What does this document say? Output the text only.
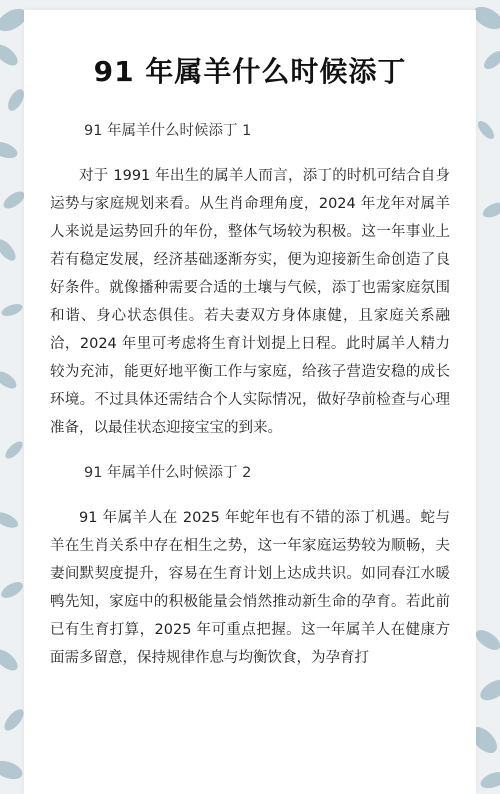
91 年属羊什么时候添丁

91 年属羊什么时候添丁 1

对于 1991 年出生的属羊人而言，添丁的时机可结合自身运势与家庭规划来看。从生肖命理角度，2024 年龙年对属羊人来说是运势回升的年份，整体气场较为积极。这一年事业上若有稳定发展，经济基础逐渐夯实，便为迎接新生命创造了良好条件。就像播种需要合适的土壤与气候，添丁也需家庭氛围和谐、身心状态俱佳。若夫妻双方身体康健，且家庭关系融洽，2024 年里可考虑将生育计划提上日程。此时属羊人精力较为充沛，能更好地平衡工作与家庭，给孩子营造安稳的成长环境。不过具体还需结合个人实际情况，做好孕前检查与心理准备，以最佳状态迎接宝宝的到来。

91 年属羊什么时候添丁 2

91 年属羊人在 2025 年蛇年也有不错的添丁机遇。蛇与羊在生肖关系中存在相生之势，这一年家庭运势较为顺畅，夫妻间默契度提升，容易在生育计划上达成共识。如同春江水暖鸭先知，家庭中的积极能量会悄然推动新生命的孕育。若此前已有生育打算，2025 年可重点把握。这一年属羊人在健康方面需多留意，保持规律作息与均衡饮食，为孕育打
